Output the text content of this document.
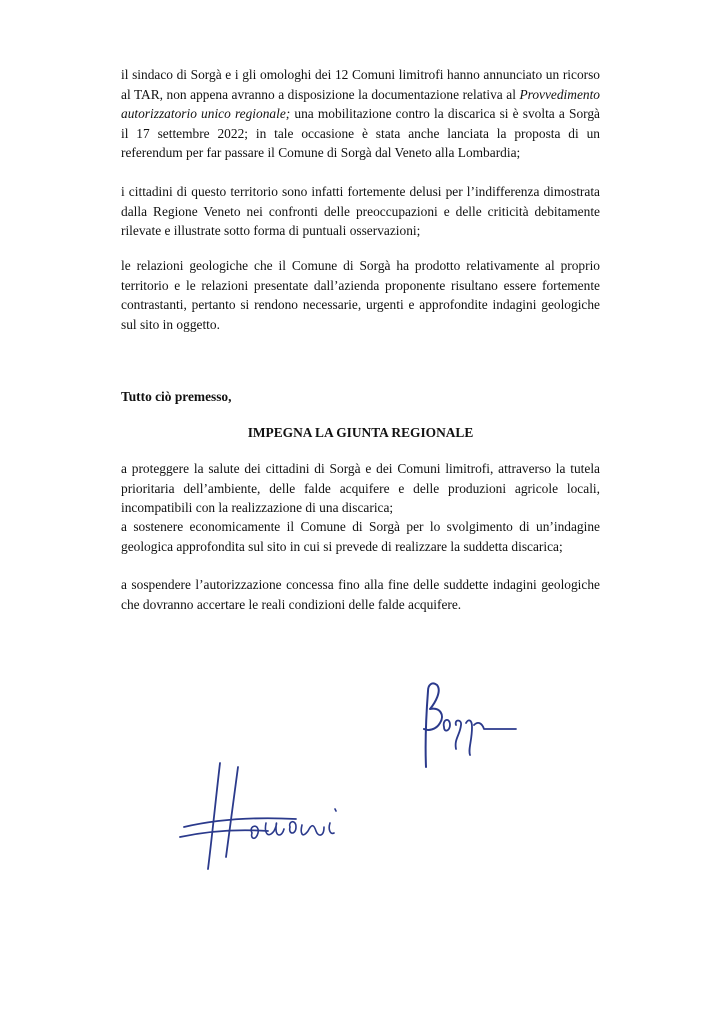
il sindaco di Sorgà e i gli omologhi dei 12 Comuni limitrofi hanno annunciato un ricorso al TAR, non appena avranno a disposizione la documentazione relativa al Provvedimento autorizzatorio unico regionale; una mobilitazione contro la discarica si è svolta a Sorgà il 17 settembre 2022; in tale occasione è stata anche lanciata la proposta di un referendum per far passare il Comune di Sorgà dal Veneto alla Lombardia;

i cittadini di questo territorio sono infatti fortemente delusi per l’indifferenza dimostrata dalla Regione Veneto nei confronti delle preoccupazioni e delle criticità debitamente rilevate e illustrate sotto forma di puntuali osservazioni;

le relazioni geologiche che il Comune di Sorgà ha prodotto relativamente al proprio territorio e le relazioni presentate dall’azienda proponente risultano essere fortemente contrastanti, pertanto si rendono necessarie, urgenti e approfondite indagini geologiche sul sito in oggetto.

Tutto ciò premesso,

IMPEGNA LA GIUNTA REGIONALE

a proteggere la salute dei cittadini di Sorgà e dei Comuni limitrofi, attraverso la tutela prioritaria dell’ambiente, delle falde acquifere e delle produzioni agricole locali, incompatibili con la realizzazione di una discarica;

a sostenere economicamente il Comune di Sorgà per lo svolgimento di un’indagine geologica approfondita sul sito in cui si prevede di realizzare la suddetta discarica;

a sospendere l’autorizzazione concessa fino alla fine delle suddette indagini geologiche che dovranno accertare le reali condizioni delle falde acquifere.
